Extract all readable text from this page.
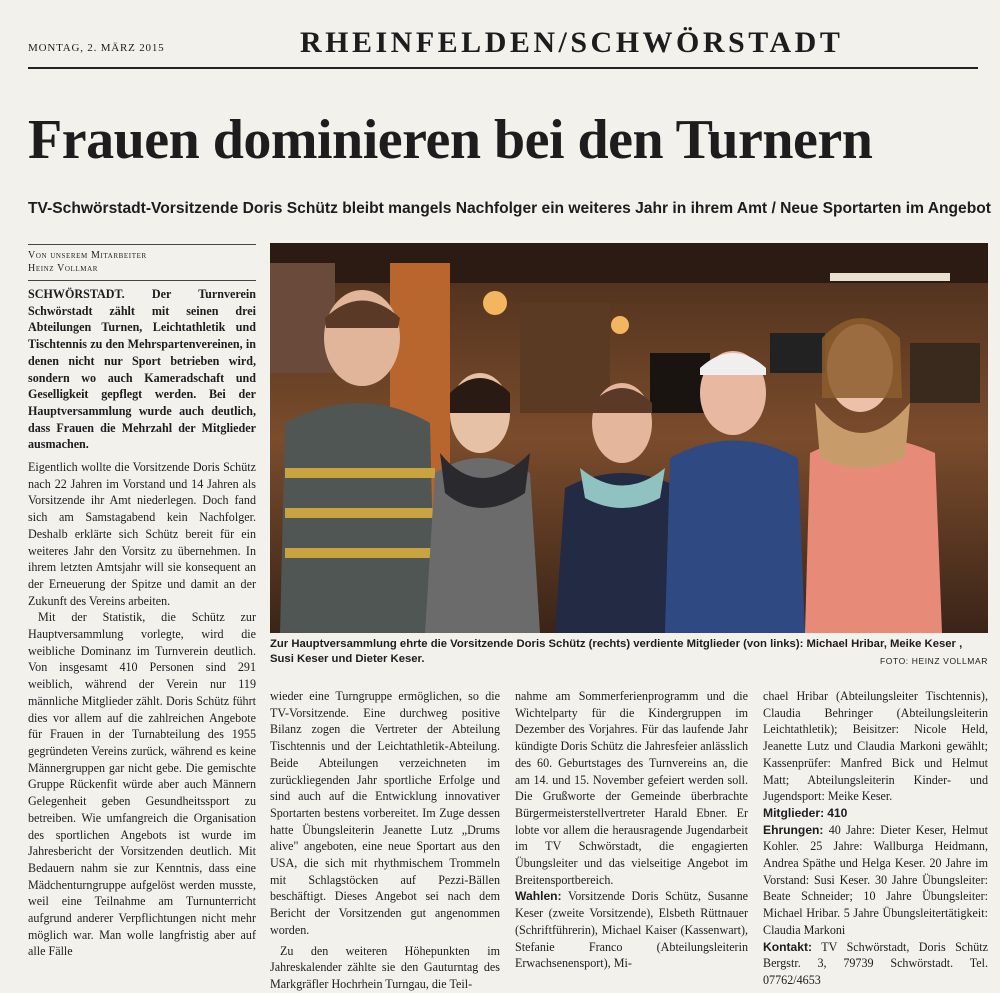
MONTAG, 2. MÄRZ 2015	RHEINFELDEN/SCHWÖRSTADT
Frauen dominieren bei den Turnern
TV-Schwörstadt-Vorsitzende Doris Schütz bleibt mangels Nachfolger ein weiteres Jahr in ihrem Amt / Neue Sportarten im Angebot
Von unserem Mitarbeiter
Heinz Vollmar

SCHWÖRSTADT. Der Turnverein Schwörstadt zählt mit seinen drei Abteilungen Turnen, Leichtathletik und Tischtennis zu den Mehrspartenvereinen, in denen nicht nur Sport betrieben wird, sondern wo auch Kameradschaft und Geselligkeit gepflegt werden. Bei der Hauptversammlung wurde auch deutlich, dass Frauen die Mehrzahl der Mitglieder ausmachen.

Eigentlich wollte die Vorsitzende Doris Schütz nach 22 Jahren im Vorstand und 14 Jahren als Vorsitzende ihr Amt niederlegen. Doch fand sich am Samstagabend kein Nachfolger. Deshalb erklärte sich Schütz bereit für ein weiteres Jahr den Vorsitz zu übernehmen. In ihrem letzten Amtsjahr will sie konsequent an der Erneuerung der Spitze und damit an der Zukunft des Vereins arbeiten.

Mit der Statistik, die Schütz zur Hauptversammlung vorlegte, wird die weibliche Dominanz im Turnverein deutlich. Von insgesamt 410 Personen sind 291 weiblich, während der Verein nur 119 männliche Mitglieder zählt. Doris Schütz führt dies vor allem auf die zahlreichen Angebote für Frauen in der Turnabteilung des 1955 gegründeten Vereins zurück, während es keine Männergruppen gar nicht gebe. Die gemischte Gruppe Rückenfit würde aber auch Männern Gelegenheit geben Gesundheitssport zu betreiben. Wie umfangreich die Organisation des sportlichen Angebots ist wurde im Jahresbericht der Vorsitzenden deutlich. Mit Bedauern nahm sie zur Kenntnis, dass eine Mädchenturngruppe aufgelöst werden musste, weil eine Teilnahme am Turnunterricht aufgrund anderer Verpflichtungen nicht mehr möglich war. Man wolle langfristig aber auf alle Fälle

Zur Hauptversammlung ehrte die Vorsitzende Doris Schütz (rechts) verdiente Mitglieder (von links): Michael Hribar, Meike Keser , Susi Keser und Dieter Keser.	FOTO: HEINZ VOLLMAR

wieder eine Turngruppe ermöglichen, so die TV-Vorsitzende. Eine durchweg positive Bilanz zogen die Vertreter der Abteilung Tischtennis und der Leichtathletik-Abteilung. Beide Abteilungen verzeichneten im zurückliegenden Jahr sportliche Erfolge und sind auch auf die Entwicklung innovativer Sportarten bestens vorbereitet. Im Zuge dessen hatte Übungsleiterin Jeanette Lutz „Drums alive" angeboten, eine neue Sportart aus den USA, die sich mit rhythmischem Trommeln mit Schlagstöcken auf Pezzi-Bällen beschäftigt. Dieses Angebot sei nach dem Bericht der Vorsitzenden gut angenommen worden.

Zu den weiteren Höhepunkten im Jahreskalender zählte sie den Gauturntag des Markgräfler Hochrhein Turngau, die Teil-

nahme am Sommerferienprogramm und die Wichtelparty für die Kindergruppen im Dezember des Vorjahres. Für das laufende Jahr kündigte Doris Schütz die Jahresfeier anlässlich des 60. Geburtstages des Turnvereins an, die am 14. und 15. November gefeiert werden soll. Die Grußworte der Gemeinde überbrachte Bürgermeisterstellvertreter Harald Ebner. Er lobte vor allem die herausragende Jugendarbeit im TV Schwörstadt, die engagierten Übungsleiter und das vielseitige Angebot im Breitensportbereich.

Wahlen: Vorsitzende Doris Schütz, Susanne Keser (zweite Vorsitzende), Elsbeth Rüttnauer (Schriftführerin), Michael Kaiser (Kassenwart), Stefanie Franco (Abteilungsleiterin Erwachsenensport), Mi-

chael Hribar (Abteilungsleiter Tischtennis), Claudia Behringer (Abteilungsleiterin Leichtathletik); Beisitzer: Nicole Held, Jeanette Lutz und Claudia Markoni gewählt; Kassenprüfer: Manfred Bick und Helmut Matt; Abteilungsleiterin Kinder- und Jugendsport: Meike Keser.

Mitglieder: 410

Ehrungen: 40 Jahre: Dieter Keser, Helmut Kohler. 25 Jahre: Wallburga Heidmann, Andrea Späthe und Helga Keser. 20 Jahre im Vorstand: Susi Keser. 30 Jahre Übungsleiter: Beate Schneider; 10 Jahre Übungsleiter: Michael Hribar. 5 Jahre Übungsleitertätigkeit: Claudia Markoni

Kontakt: TV Schwörstadt, Doris Schütz Bergstr. 3, 79739 Schwörstadt. Tel. 07762/4653
